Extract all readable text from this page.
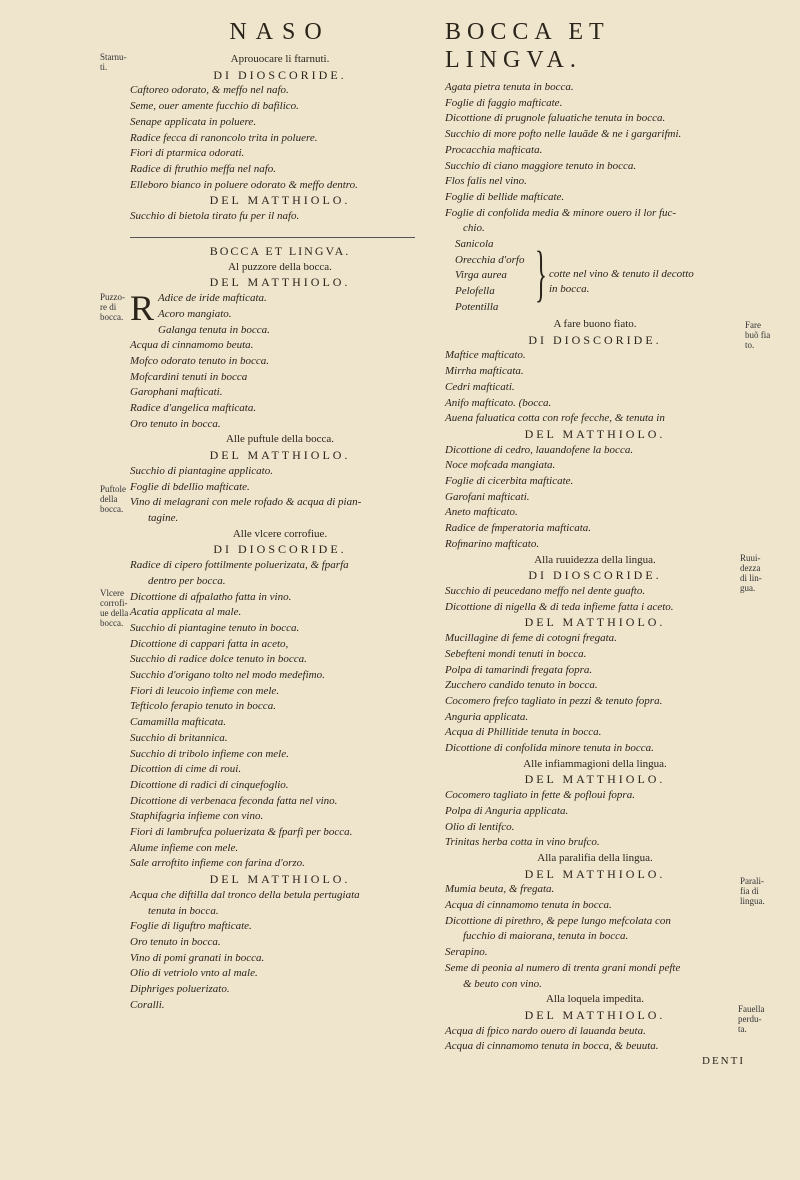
Starnu-
ti.
Puzzo-
re di
bocca.
Puftole
della
bocca.
Vlcere
corrofi-
ue della
bocca.
Fare
buõ fia
to.
Ruui-
dezza
di lin-
gua.
Parali-
fia di
lingua.
Fauella
perdu-
ta.
NASO
Aprouocare li ftarnuti.
DI DIOSCORIDE.
Caftoreo odorato, & meffo nel nafo.
Seme, ouer amente fucchio di bafilico.
Senape applicata in poluere.
Radice fecca di ranoncolo trita in poluere.
Fiori di ptarmica odorati.
Radice di ftruthio meffa nel nafo.
Elleboro bianco in poluere odorato & meffo dentro.
DEL MATTHIOLO.
Succhio di bietola tirato fu per il nafo.
BOCCA ET LINGVA.
Al puzzore della bocca.
DEL MATTHIOLO.
R Adice de iride mafticata.
Acoro mangiato.
Galanga tenuta in bocca.
Acqua di cinnamomo beuta.
Mofco odorato tenuto in bocca.
Mofcardini tenuti in bocca
Garophani mafticati.
Radice d'angelica mafticata.
Oro tenuto in bocca.
Alle puftule della bocca.
DEL MATTHIOLO.
Succhio di piantagine applicato.
Foglie di bdellio mafticate.
Vino di melagrani con mele rofado & acqua di pian-
tagine.
Alle vlcere corrofiue.
DI DIOSCORIDE.
Radice di cipero fottilmente poluerizata, & fparfa
dentro per bocca.
Dicottione di afpalatho fatta in vino.
Acatia applicata al male.
Succhio di piantagine tenuto in bocca.
Dicottione di cappari fatta in aceto,
Succhio di radice dolce tenuto in bocca.
Succhio d'origano tolto nel modo medefimo.
Fiori di leucoio infieme con mele.
Tefticolo ferapio tenuto in bocca.
Camamilla mafticata.
Succhio di britannica.
Succhio di tribolo infieme con mele.
Dicottion di cime di roui.
Dicottione di radici di cinquefoglio.
Dicottione di verbenaca feconda fatta nel vino.
Staphifagria infieme con vino.
Fiori di lambrufca poluerizata & fparfi per bocca.
Alume infieme con mele.
Sale arroftito infieme con farina d'orzo.
DEL MATTHIOLO.
Acqua che diftilla dal tronco della betula pertugiata
tenuta in bocca.
Foglie di liguftro mafticate.
Oro tenuto in bocca.
Vino di pomi granati in bocca.
Olio di vetriolo vnto al male.
Diphriges poluerizato.
Coralli.
BOCCA ET LINGVA.
Agata pietra tenuta in bocca.
Foglie di faggio mafticate.
Dicottione di prugnole faluatiche tenuta in bocca.
Succhio di more pofto nelle lauãde & ne i gargarifmi.
Procacchia mafticata.
Succhio di ciano maggiore tenuto in bocca.
Flos falis nel vino.
Foglie di bellide mafticate.
Foglie di confolida media & minore ouero il lor fuc-
chio.
Sanicola
Orecchia d'orfo
Virga aurea
Pelofella
Potentilla } cotte nel vino & tenuto il decotto
in bocca.
A fare buono fiato.
DI DIOSCORIDE.
Maftice mafticato.
Mirrha mafticata.
Cedri mafticati.
Anifo mafticato. (bocca.
Auena faluatica cotta con rofe fecche, & tenuta in
DEL MATTHIOLO.
Dicottione di cedro, lauandofene la bocca.
Noce mofcada mangiata.
Foglie di cicerbita mafticate.
Garofani mafticati.
Aneto mafticato.
Radice de fmperatoria mafticata.
Rofmarino mafticato.
Alla ruuidezza della lingua.
DI DIOSCORIDE.
Succhio di peucedano meffo nel dente guafto.
Dicottione di nigella & di teda infieme fatta i aceto.
DEL MATTHIOLO.
Mucillagine di feme di cotogni fregata.
Sebefteni mondi tenuti in bocca.
Polpa di tamarindi fregata fopra.
Zucchero candido tenuto in bocca.
Cocomero frefco tagliato in pezzi & tenuto fopra.
Anguria applicata.
Acqua di Phillitide tenuta in bocca.
Dicottione di confolida minore tenuta in bocca.
Alle infiammagioni della lingua.
DEL MATTHIOLO.
Cocomero tagliato in fette & pofloui fopra.
Polpa di Anguria applicata.
Olio di lentifco.
Trinitas herba cotta in vino brufco.
Alla paralifia della lingua.
DEL MATTHIOLO.
Mumia beuta, & fregata.
Acqua di cinnamomo tenuta in bocca.
Dicottione di pirethro, & pepe lungo mefcolata con
fucchio di maiorana, tenuta in bocca.
Serapino.
Seme di peonia al numero di trenta grani mondi pefte
& beuto con vino.
Alla loquela impedita.
DEL MATTHIOLO.
Acqua di fpico nardo ouero di lauanda beuta.
Acqua di cinnamomo tenuta in bocca, & beuuta.
DENTI
